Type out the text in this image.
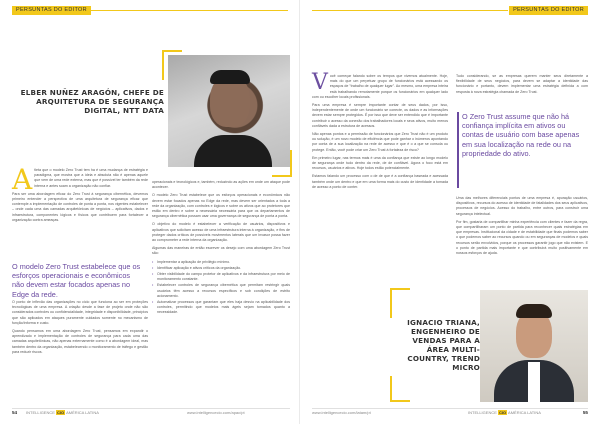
PERSUNTAS DO EDITOR
ELBER NUÑEZ ARAGÓN, CHEFE DE ARQUITETURA DE SEGURANÇA DIGITAL, NTT DATA
A tleta que o modelo Zero Trust tem ha é uma mudança de estratégia e paradigma, que mostra que a ideia e absoluta não é apenas aquele que vem de uma rede externa, mas que é possível ter também da rede interna e antes soam a organização não confiar.

Para ser uma abordagem eficaz do Zero Trust à segurança cibernética, devemos primeiro entender a perspectiva de uma arquitetura de segurança eficaz que contemple a implementação de controles de ponta a ponta, nos vigentes estabelecer – onde cada uma das camadas arquitetônicas de negócios – aplicativos, dados e infraestrutura, componentes lógicos e físicos que contribuem para fortalecer a organização contra ameaças.

O modelo Zero Trust estabelece que os esforços operacionais e econômicos não devem estar focados apenas no Edge da rede.

O ponto de inflexão das organizações no ciclo que funciona ao ser em proteções tecnológicas de uma empresa. A criação desde a fase de projeto onde não são considerados controles ou confidencialidade, integridade e disponibilidade, princípios que são aplicados em ataques puramente cuidados somente no mecanismo de função/informa e custo.

Quando pensamos em uma abordagem Zero Trust, pensamos em expandir o aprendizado e implementação de controles de segurança para cada uma das camadas arquitetônicas, não apenas externamente como é a abordagem ideal, mas também dentro da organização, estabelecendo o monitoramento de tráfego e gestão para reduzir riscos.

operacionais e tecnológicos e, também, reduzindo as ações em onde um ataque pode acontecer.

O modelo Zero Trust estabelece que os esforços operacionais e econômicos não devem estar focados apenas no Edge da rede, mas devem ser orientados a toda a rede da organização, com controles e lógicos e sobre os ativos que ao protetores que estão em dentro e sobre a necessária necessária para que os departamentos de segurança cibernética possam usar uma governança de segurança de ponta a ponta.

O objetivo do modelo é estabelecer a verificação de usuários, dispositivos e aplicativos que solicitam acesso de uma infraestrutura interna à organização, e fins de proteger dados críticos de possíveis movimentos laterais que um invasor possa fazer ao comprometer a rede interna da organização.

Algumas das maneiras de então escrever os desejo com uma abordagem Zero Trust são:

• Implementar a aplicação de privilégio mínimo.
• Identificar aplicação e ativos críticos da organização.
• Obter visibilidade do campo protetor de aplicativos e da infraestrutura por meio de monitoramento constante.
• Estabelecer controles de segurança cibernética que permitam restringir quais usuários têm acesso a recursos específicos e sob condições de estrito acionamento.
• Automatizar processos que garantam que eles haja desvio na aplicabilidade dos controles, permitindo que modelos mais ágeis sejam tomados quanto a necessidade.
54 INTELLIGENCE CIO AMÉRICA LATINA	www.intelligencecio.com/apac/pt
PERSUNTAS DO EDITOR
V ocê começar falando sobre os tempos que vivemos atualmente. Hoje, mais do que um perpetuar grupo de funcionários está acessando os espaços de "trabalho de qualquer lugar". Ao mesmo, uma empresa inteira está trabalhando remotamente porque os funcionários em qualquer lado com ou escolher locais profissionais.

Para uma empresa é sempre importante contar de seus dados, por isso, independentemente de onde um funcionário se conecte, os dados e as informações devem estar sempre protegidos. É por isso que deve ser entendido que é importante contribuir o acesso da conexão dos trabalhadores locais e seus ativos, muito menos confiáveis dada a estrutura de acessos.

Não apenas pontos e a permissão de funcionários que Zero Trust não é um produto ou solução, é um novo modelo de eficiência que pode ganhar o inúmeros apontando por conta de a sua localização na rede de acesso e que é o a que se consola ou protege. Então, você pode criar um Zero Trust à fortaleza de risco?

Em primeiro lugar, nas termos mais é uma da confiança que existe ao longo modelo de segurança onde tudo dentro da rede, de de confiável. Agora o foco está em recursos, usuários e ativos. Hoje todos estão potencialmente.

Estamos falando um processo com o de de que é a confiança baseada e acessada também onde um dentro e que em uma forma mais do custo de identidade a tomada de acesso a ponto de conter.

Tudo considerando, se as empresas querem manter seus diretamente a flexibilidade de seus negócios, para devem se adaptar a identidade das funcionário e portanto, devem implementar uma estratégia definida a com resposta à nova estratégia chamada de Zero Trust.

O Zero Trust assume que não há confiança implícita em ativos ou contas de usuário com base apenas em sua localização na rede ou na propriedade do ativo.

Uma das melhores diferenciais pontos de uma empresa é, apuração usuários, dispositivos, recursos do acesso de identidade de fatalidades dos seus aplicativos, processos de negócios. Acesso do trabalho, entre outros, para construir uma segurança intelectual.

Por fim, gostaria de compartilhar minha experiência com clientes e fazer da regra, que compartilharam um ponto de partida para reconhecer quais estratégias em que empresas. Institucional da cidade e de estabilidade que finais podemos saber o que podemos saber ao recursos quando ou em seguranças de modelos e quais recursos serão envolvidos, porque os processos garantir jogo que não existem. E o ponto de partida mais importante e que contribuirá muito positivamente em nossos esforços de ajuda.

IGNACIO TRIANA, ENGENHEIRO DE VENDAS PARA A ÁREA MULTI-COUNTRY, TREND MICRO
www.intelligencecio.com/latam/pt	INTELLIGENCE CIO AMÉRICA LATINA	55
